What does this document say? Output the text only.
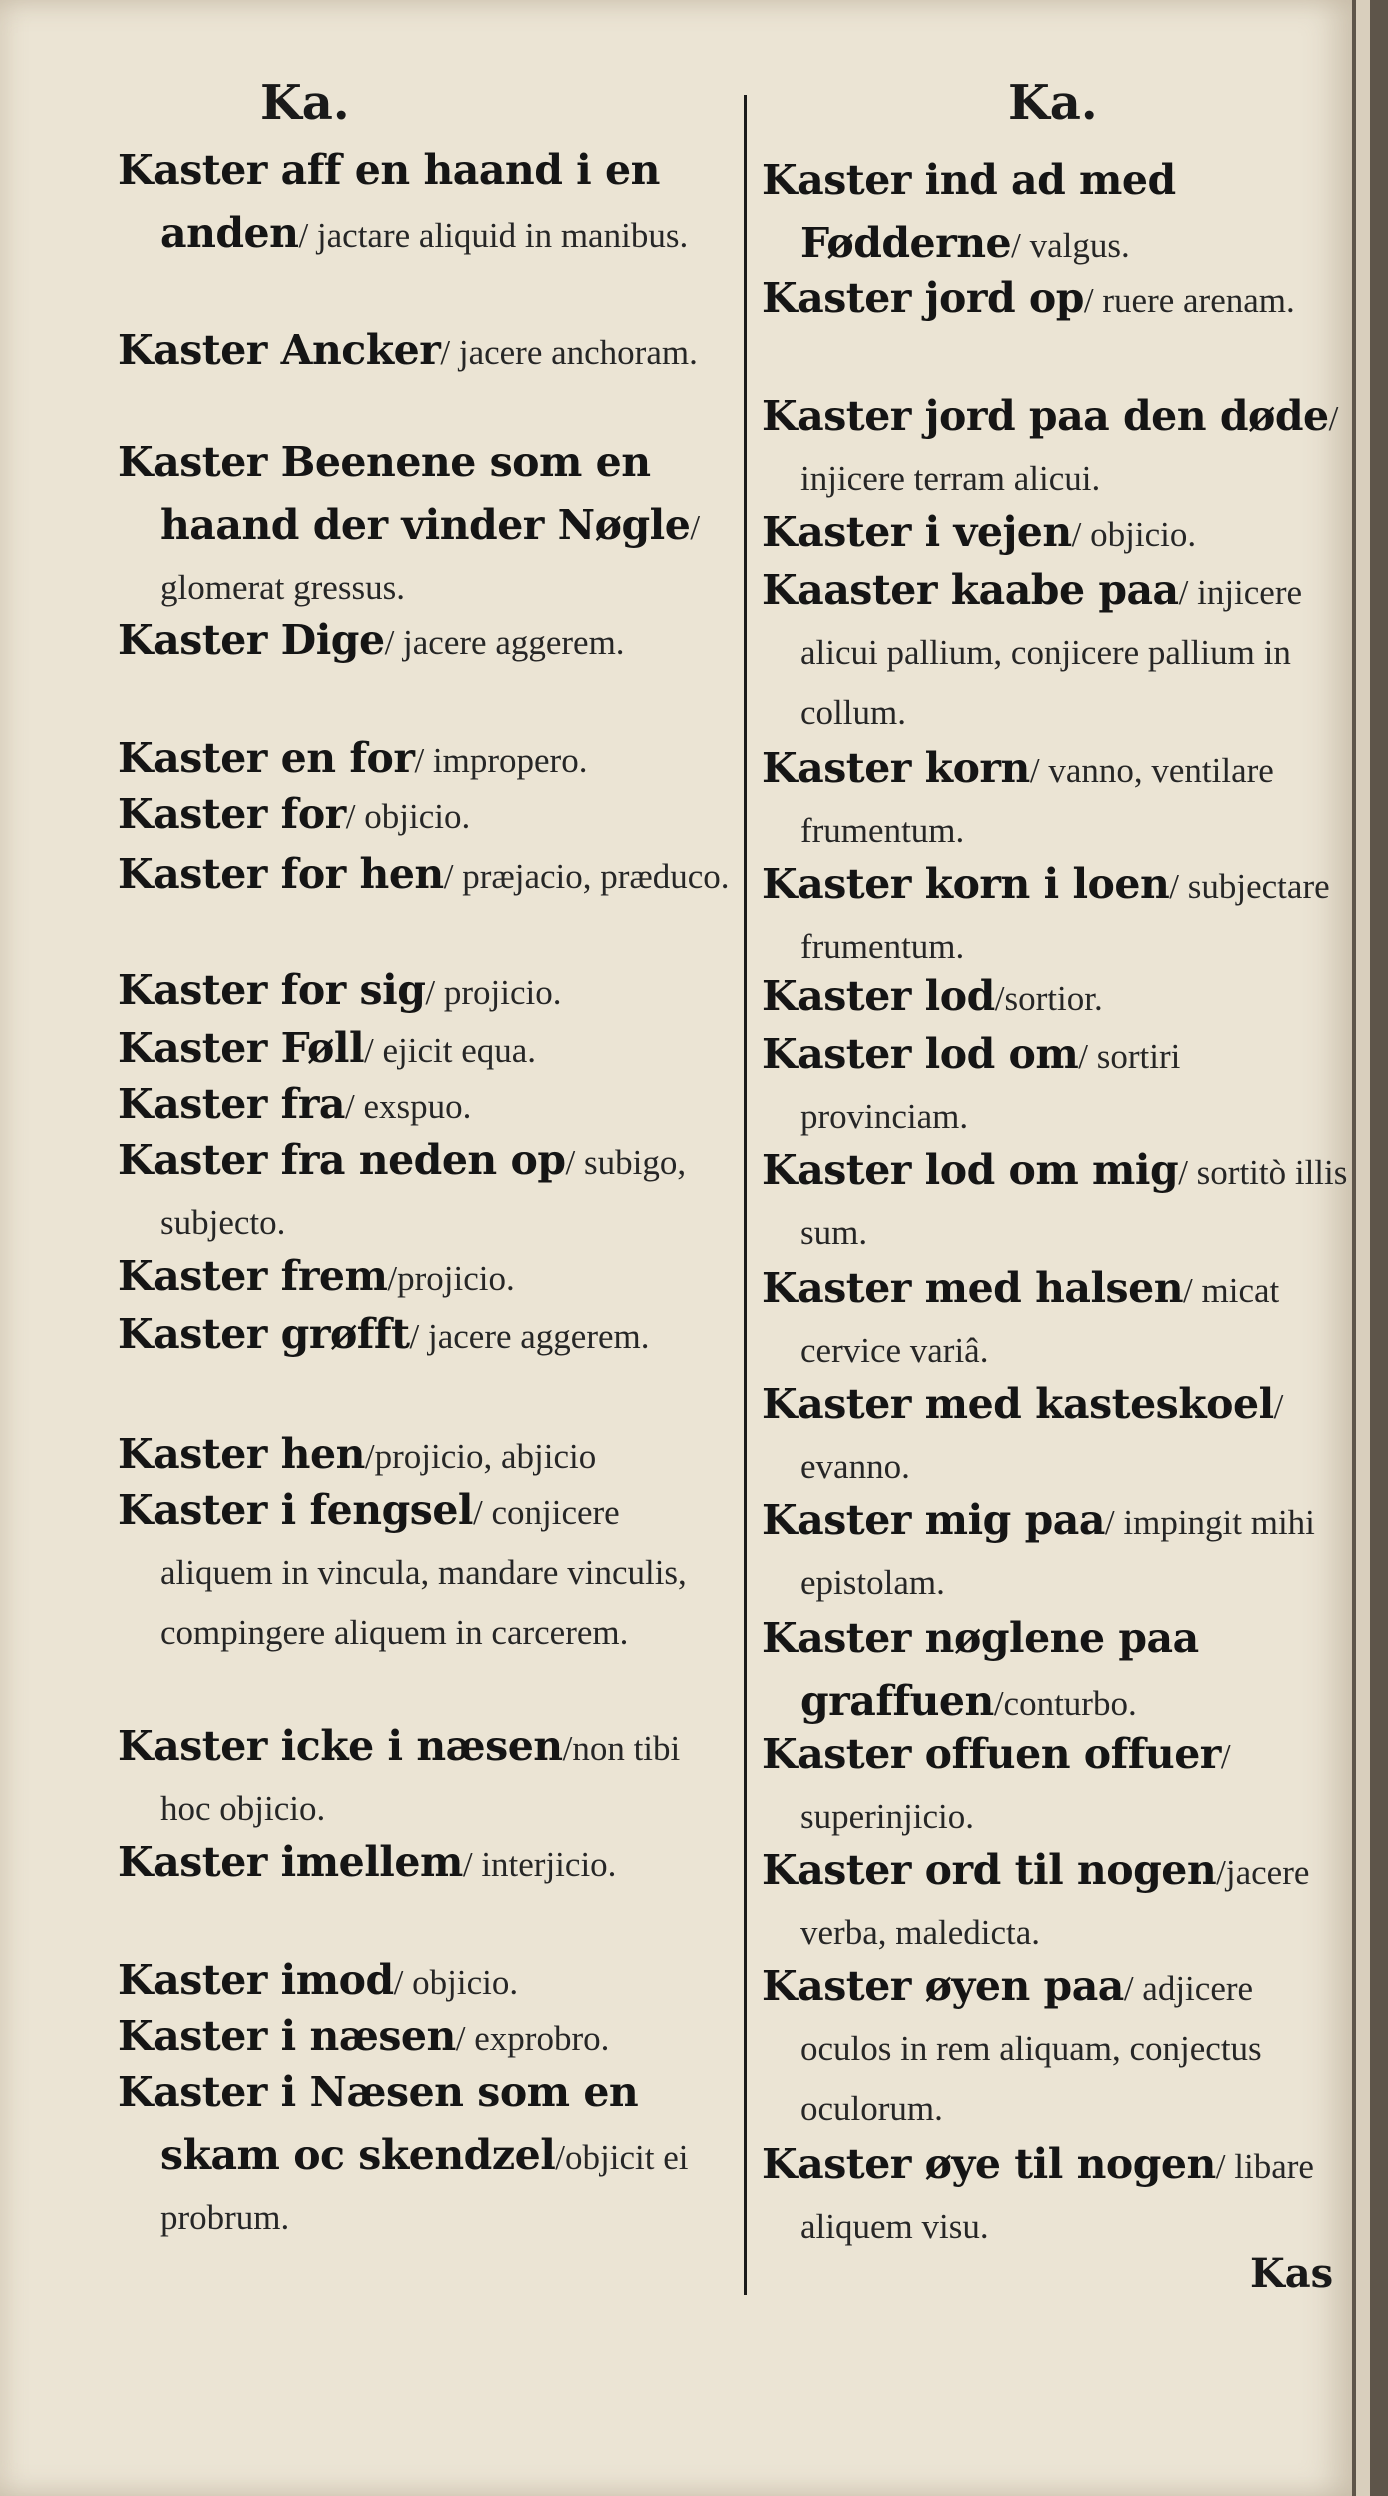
Ka.	Ka.
Kaster aff en haand i en anden/ jactare aliquid in manibus.
Kaster Ancker/ jacere anchoram.
Kaster Beenene som en haand der vinder Nøgle/ glomerat gressus.
Kaster Dige/ jacere aggerem.
Kaster en for/ impropero.
Kaster for/ objicio.
Kaster for hen/ præjacio, præduco.
Kaster for sig/ projicio.
Kaster Føll/ ejicit equa.
Kaster fra/ exspuo.
Kaster fra neden op/ subigo, subjecto.
Kaster frem/projicio.
Kaster grøfft/ jacere aggerem.
Kaster hen/projicio, abjicio
Kaster i fengsel/ conjicere aliquem in vincula, mandare vinculis, compingere aliquem in carcerem.
Kaster icke i næsen/non tibi hoc objicio.
Kaster imellem/ interjicio.
Kaster imod/ objicio.
Kaster i næsen/ exprobro.
Kaster i Næsen som en skam oc skendzel/objicit ei probrum.
Kaster ind ad med Fødderne/ valgus.
Kaster jord op/ ruere arenam.
Kaster jord paa den døde/ injicere terram alicui.
Kaster i vejen/ objicio.
Kaaster kaabe paa/ injicere alicui pallium, conjicere pallium in collum.
Kaster korn/ vanno, ventilare frumentum.
Kaster korn i loen/ subjectare frumentum.
Kaster lod/sortior.
Kaster lod om/ sortiri provinciam.
Kaster lod om mig/ sortitò illis sum.
Kaster med halsen/ micat cervice variâ.
Kaster med kasteskoel/ evanno.
Kaster mig paa/ impingit mihi epistolam.
Kaster nøglene paa graffuen/conturbo.
Kaster offuen offuer/ superinjicio.
Kaster ord til nogen/jacere verba, maledicta.
Kaster øyen paa/ adjicere oculos in rem aliquam, conjectus oculorum.
Kaster øye til nogen/ libare aliquem visu.
Kas
